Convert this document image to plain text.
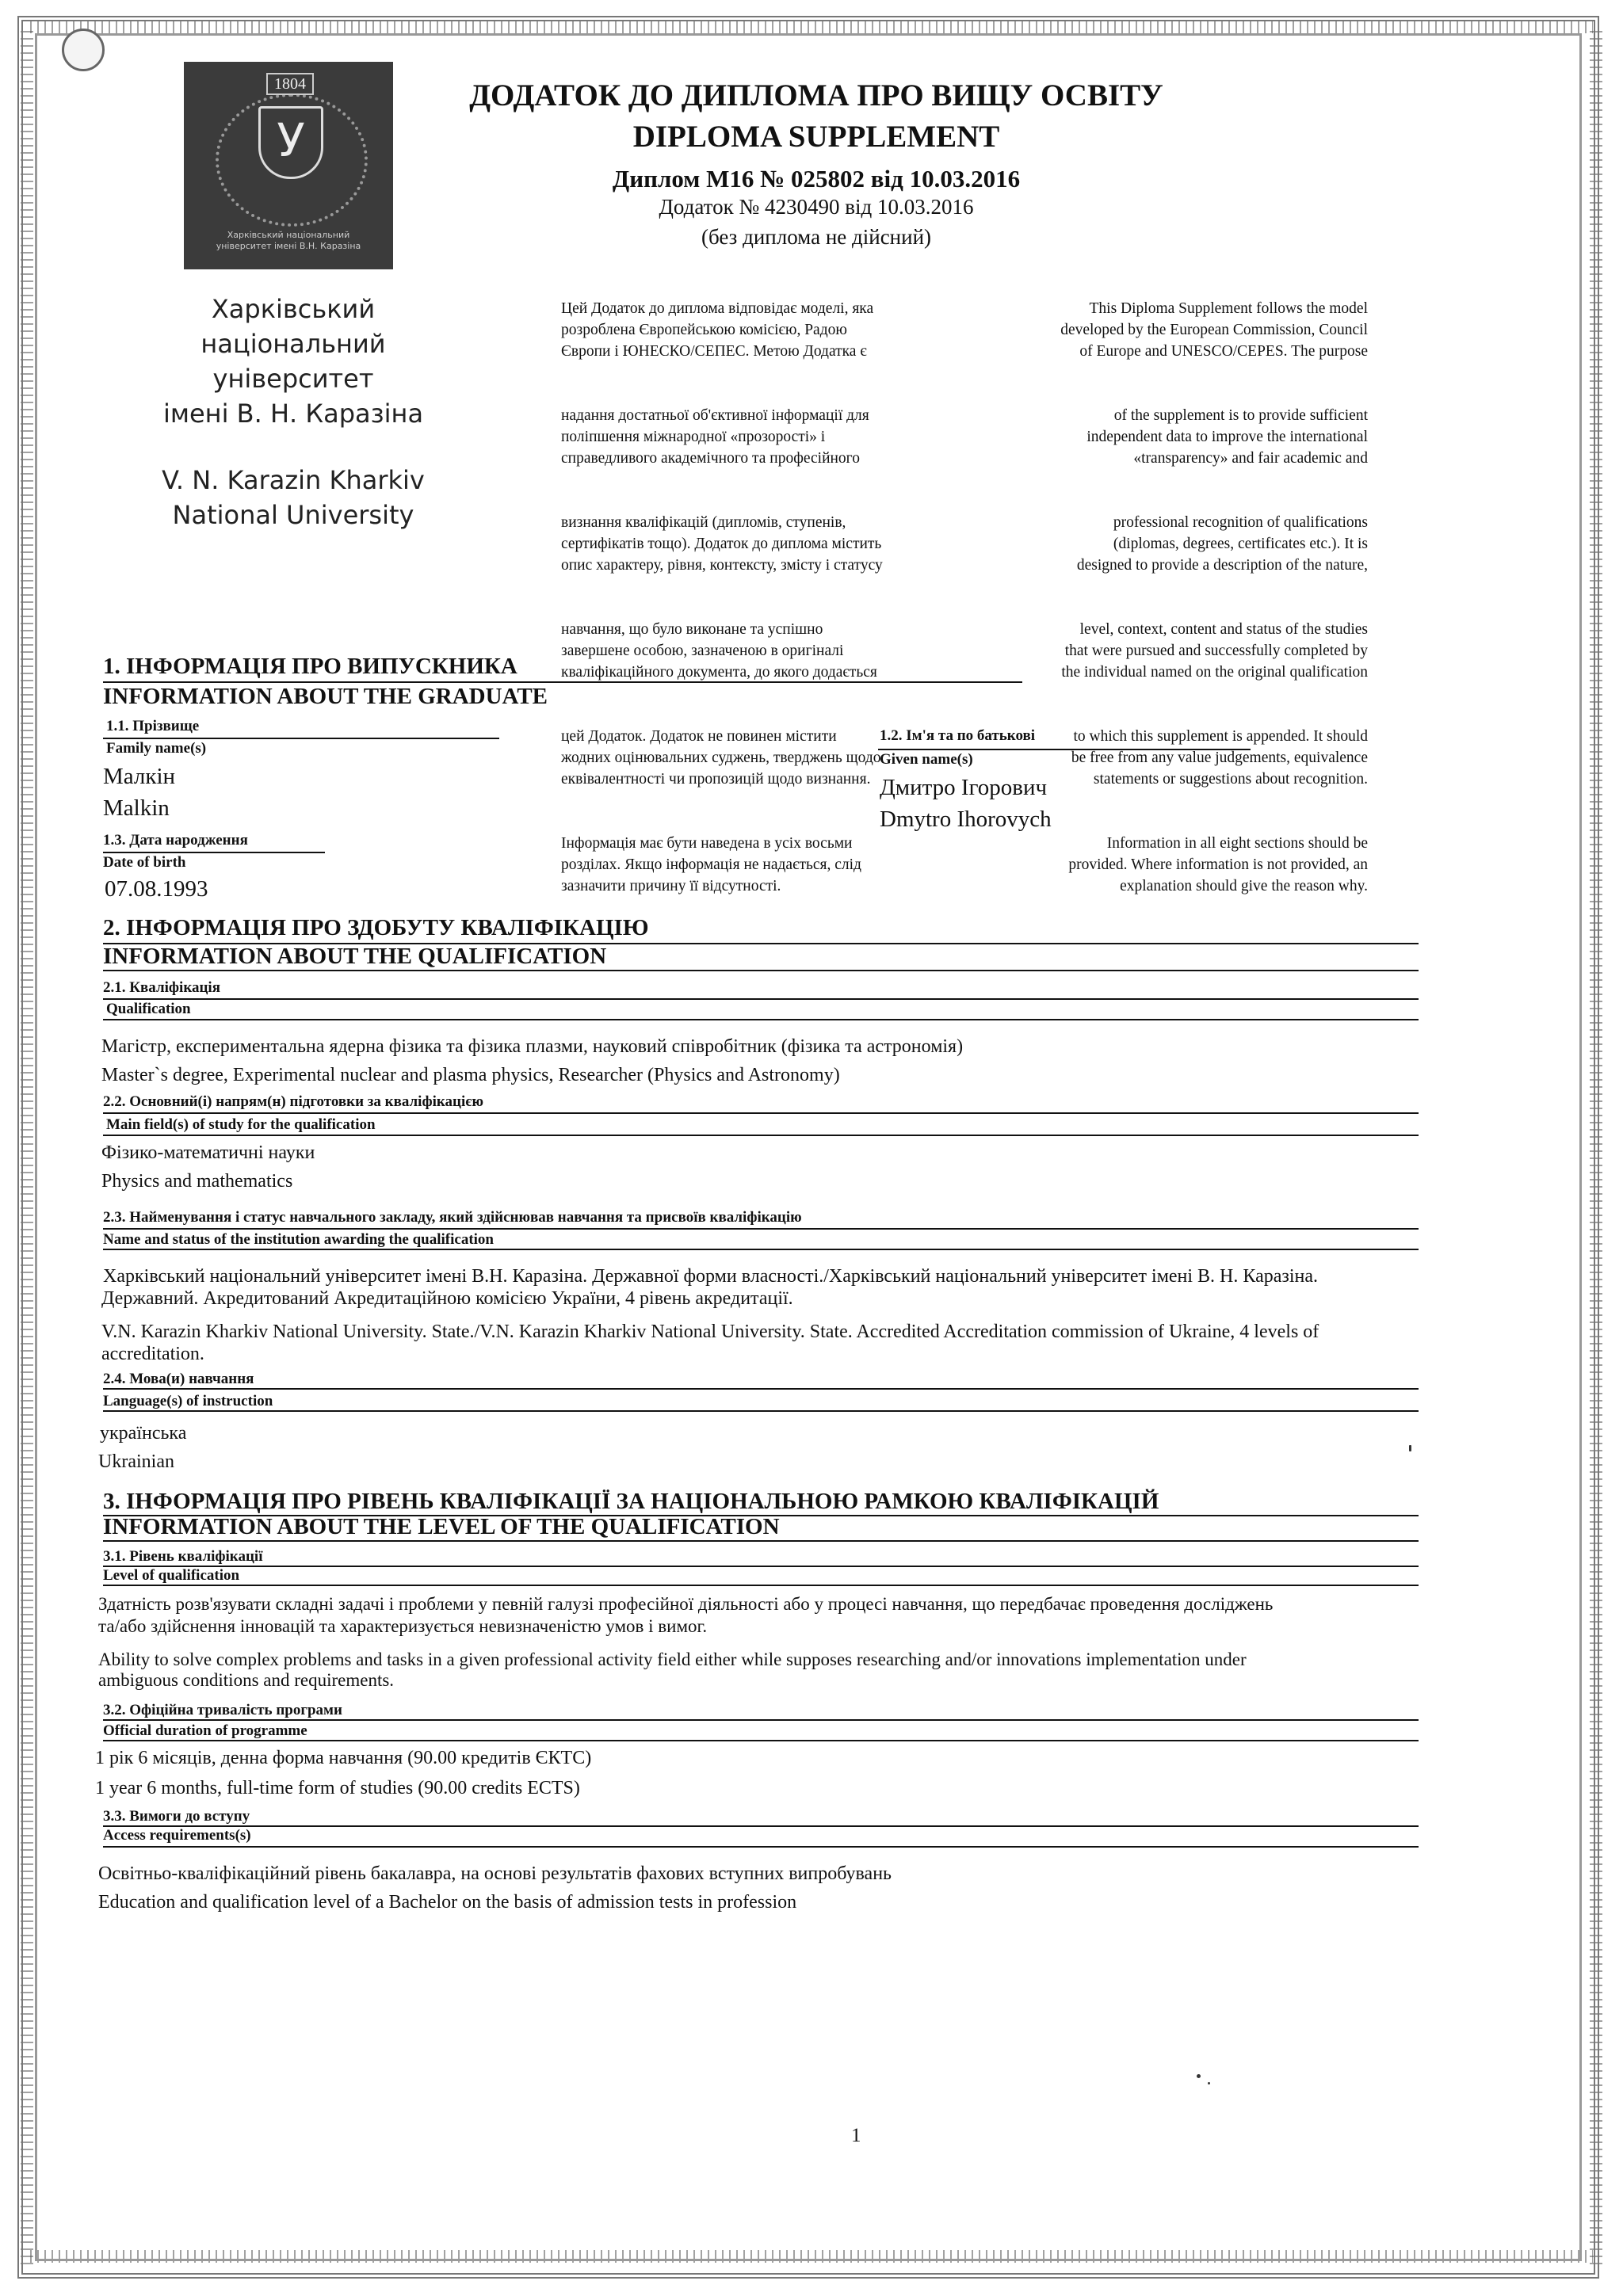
1804
У
Харківський національний університет імені В.Н. Каразіна
Харківський
національний
університет
імені В. Н. Каразіна
V. N. Karazin Kharkiv
National University
ДОДАТОК ДО ДИПЛОМА ПРО ВИЩУ ОСВІТУ
DIPLOMA SUPPLEMENT
Диплом М16 № 025802 від 10.03.2016
Додаток № 4230490 від 10.03.2016
(без диплома не дійсний)

Цей Додаток до диплома відповідає моделі, яка
розроблена Європейською комісією, Радою
Європи і ЮНЕСКО/СЕПЕС. Метою Додатка є

надання достатньої об'єктивної інформації для
поліпшення міжнародної «прозорості» і
справедливого академічного та професійного

визнання кваліфікацій (дипломів, ступенів,
сертифікатів тощо). Додаток до диплома містить
опис характеру, рівня, контексту, змісту і статусу

навчання, що було виконане та успішно
завершене особою, зазначеною в оригіналі
кваліфікаційного документа, до якого додається

цей Додаток. Додаток не повинен містити
жодних оцінювальних суджень, тверджень щодо
еквівалентності чи пропозицій щодо визнання.

Інформація має бути наведена в усіх восьми
розділах. Якщо інформація не надається, слід
зазначити причину її відсутності.

This Diploma Supplement follows the model
developed by the European Commission, Council
of Europe and UNESCO/CEPES. The purpose

of the supplement is to provide sufficient
independent data to improve the international
«transparency» and fair academic and

professional recognition of qualifications
(diplomas, degrees, certificates etc.). It is
designed to provide a description of the nature,

level, context, content and status of the studies
that were pursued and successfully completed by
the individual named on the original qualification

to which this supplement is appended. It should
be free from any value judgements, equivalence
statements or suggestions about recognition.

Information in all eight sections should be
provided. Where information is not provided, an
explanation should give the reason why.

1. ІНФОРМАЦІЯ ПРО ВИПУСКНИКА
INFORMATION ABOUT THE GRADUATE
1.1. Прізвище
Family name(s)
Малкін
Malkin
1.2. Ім'я та по батькові
Given name(s)
Дмитро Ігорович
Dmytro Ihorovych
1.3. Дата народження
Date of birth
07.08.1993
2. ІНФОРМАЦІЯ ПРО ЗДОБУТУ КВАЛІФІКАЦІЮ
INFORMATION ABOUT THE QUALIFICATION
2.1. Кваліфікація
Qualification
Магістр, експериментальна ядерна фізика та фізика плазми, науковий співробітник (фізика та астрономія)
Master`s degree, Experimental nuclear and plasma physics, Researcher (Physics and Astronomy)
2.2. Основний(і) напрям(н) підготовки за кваліфікацією
Main field(s) of study for the qualification
Фізико-математичні науки
Physics and mathematics
2.3. Найменування і статус навчального закладу, який здійснював навчання та присвоїв кваліфікацію
Name and status of the institution awarding the qualification
Харківський національний університет імені В.Н. Каразіна. Державної форми власності./Харківський національний університет імені В. Н. Каразіна.
Державний. Акредитований Акредитаційною комісією України, 4 рівень акредитації.
V.N. Karazin Kharkiv National University. State./V.N. Karazin Kharkiv National University. State. Accredited Accreditation commission of Ukraine, 4 levels of
accreditation.
2.4. Мова(и) навчання
Language(s) of instruction
українська
Ukrainian
3. ІНФОРМАЦІЯ ПРО РІВЕНЬ КВАЛІФІКАЦІЇ ЗА НАЦІОНАЛЬНОЮ РАМКОЮ КВАЛІФІКАЦІЙ
INFORMATION ABOUT THE LEVEL OF THE QUALIFICATION
3.1. Рівень кваліфікації
Level of qualification
Здатність розв'язувати складні задачі і проблеми у певній галузі професійної діяльності або у процесі навчання, що передбачає проведення досліджень
та/або здійснення інновацій та характеризується невизначеністю умов і вимог.
Ability to solve complex problems and tasks in a given professional activity field either while supposes researching and/or innovations implementation under
ambiguous conditions and requirements.
3.2. Офіційна тривалість програми
Official duration of programme
1 рік 6 місяців, денна форма навчання (90.00 кредитів ЄКТС)
1 year 6 months, full-time form of studies (90.00 credits ECTS)
3.3. Вимоги до вступу
Access requirements(s)
Освітньо-кваліфікаційний рівень бакалавра, на основі результатів фахових вступних випробувань
Education and qualification level of a Bachelor on the basis of admission tests in profession
1
